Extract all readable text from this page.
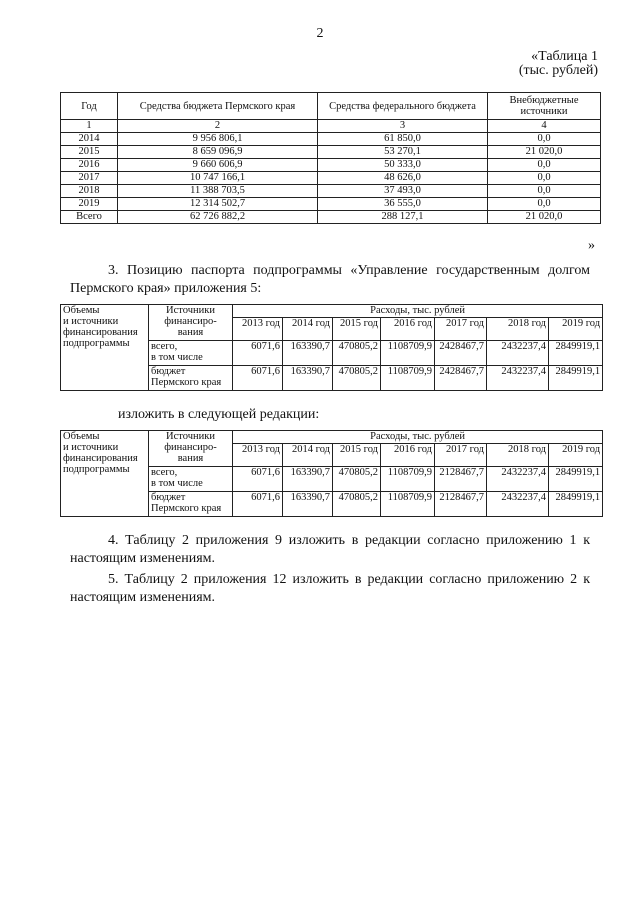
2
«Таблица 1
(тыс. рублей)
Год	Средства бюджета Пермского края	Средства федерального бюджета	Внебюджетные источники
1	2	3	4
2014	9 956 806,1	61 850,0	0,0
2015	8 659 096,9	53 270,1	21 020,0
2016	9 660 606,9	50 333,0	0,0
2017	10 747 166,1	48 626,0	0,0
2018	11 388 703,5	37 493,0	0,0
2019	12 314 502,7	36 555,0	0,0
Всего	62 726 882,2	288 127,1	21 020,0
»
3. Позицию паспорта подпрограммы «Управление государственным долгом Пермского края» приложения 5:
Объемы
и источники
финансирования
подпрограммы	Источники
финансиро-
вания	Расходы, тыс. рублей						
		2013 год	2014 год	2015 год	2016 год	2017 год	2018 год	2019 год
	всего,
в том числе	6071,6	163390,7	470805,2	1108709,9	2428467,7	2432237,4	2849919,1
	бюджет
Пермского края	6071,6	163390,7	470805,2	1108709,9	2428467,7	2432237,4	2849919,1
изложить в следующей редакции:
Объемы
и источники
финансирования
подпрограммы	Источники
финансиро-
вания	Расходы, тыс. рублей						
		2013 год	2014 год	2015 год	2016 год	2017 год	2018 год	2019 год
	всего,
в том числе	6071,6	163390,7	470805,2	1108709,9	2128467,7	2432237,4	2849919,1
	бюджет
Пермского края	6071,6	163390,7	470805,2	1108709,9	2128467,7	2432237,4	2849919,1
4. Таблицу 2 приложения 9 изложить в редакции согласно приложению 1 к настоящим изменениям.
5. Таблицу 2 приложения 12 изложить в редакции согласно приложению 2 к настоящим изменениям.
